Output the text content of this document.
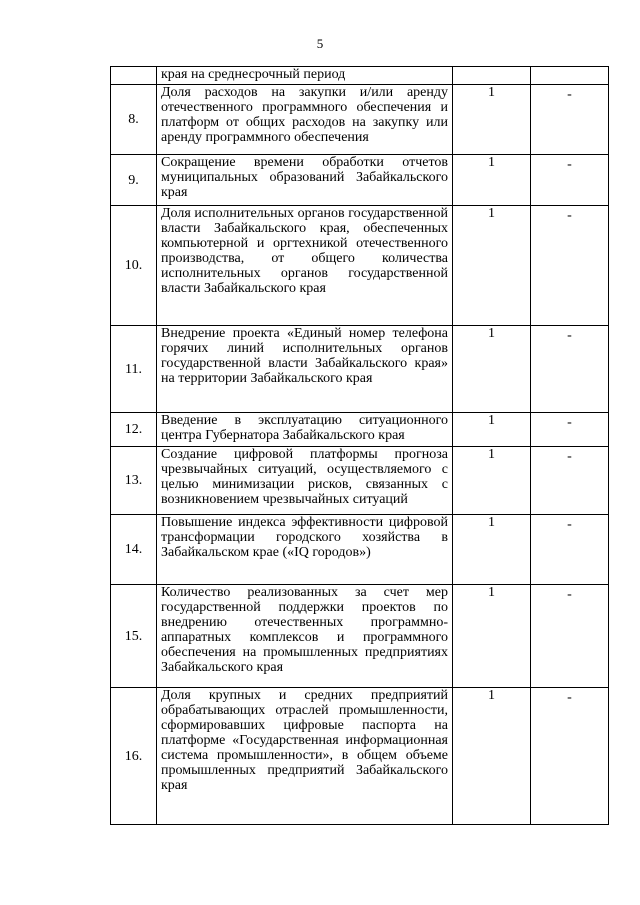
5
	края на среднесрочный период		
8.	Доля расходов на закупки и/или аренду отечественного программного обеспечения и платформ от общих расходов на закупку или аренду программного обеспечения	1	-
9.	Сокращение времени обработки отчетов муниципальных образований Забайкальского края	1	-
10.	Доля исполнительных органов государственной власти Забайкальского края, обеспеченных компьютерной и оргтехникой отечественного производства, от общего количества исполнительных органов государственной власти Забайкальского края	1	-
11.	Внедрение проекта «Единый номер телефона горячих линий исполнительных органов государственной власти Забайкальского края» на территории Забайкальского края	1	-
12.	Введение в эксплуатацию ситуационного центра Губернатора Забайкальского края	1	-
13.	Создание цифровой платформы прогноза чрезвычайных ситуаций, осуществляемого с целью минимизации рисков, связанных с возникновением чрезвычайных ситуаций	1	-
14.	Повышение индекса эффективности цифровой трансформации городского хозяйства в Забайкальском крае («IQ городов»)	1	-
15.	Количество реализованных за счет мер государственной поддержки проектов по внедрению отечественных программно-аппаратных комплексов и программного обеспечения на промышленных предприятиях Забайкальского края	1	-
16.	Доля крупных и средних предприятий обрабатывающих отраслей промышленности, сформировавших цифровые паспорта на платформе «Государственная информационная система промышленности», в общем объеме промышленных предприятий Забайкальского края	1	-
